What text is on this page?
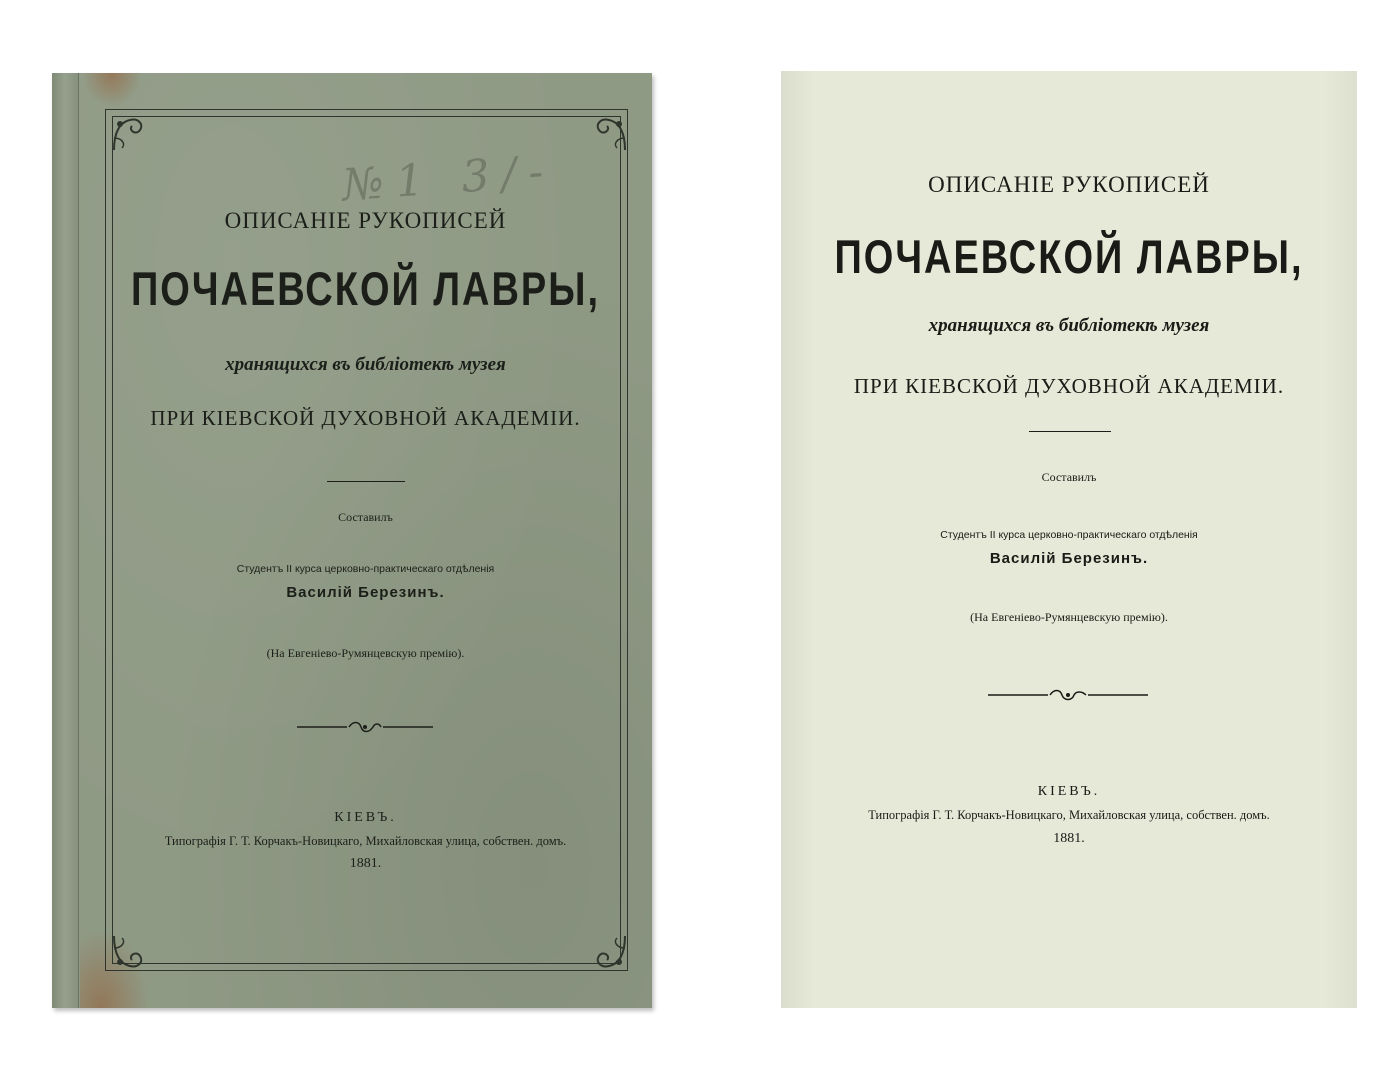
№1 3/-
ОПИСАНІЕ РУКОПИСЕЙ
ПОЧАЕВСКОЙ ЛАВРЫ,
хранящихся въ библіотекѣ музея
ПРИ КІЕВСКОЙ ДУХОВНОЙ АКАДЕМІИ.
Составилъ
Студентъ II курса церковно-практическаго отдѣленія
Василій Березинъ.
(На Евгеніево-Румянцевскую премію).
КІЕВЪ.
Типографія Г. Т. Корчакъ-Новицкаго, Михайловская улица, собствен. домъ.
1881.
ОПИСАНІЕ РУКОПИСЕЙ
ПОЧАЕВСКОЙ ЛАВРЫ,
хранящихся въ библіотекѣ музея
ПРИ КІЕВСКОЙ ДУХОВНОЙ АКАДЕМІИ.
Составилъ
Студентъ II курса церковно-практическаго отдѣленія
Василій Березинъ.
(На Евгеніево-Румянцевскую премію).
КІЕВЪ.
Типографія Г. Т. Корчакъ-Новицкаго, Михайловская улица, собствен. домъ.
1881.
